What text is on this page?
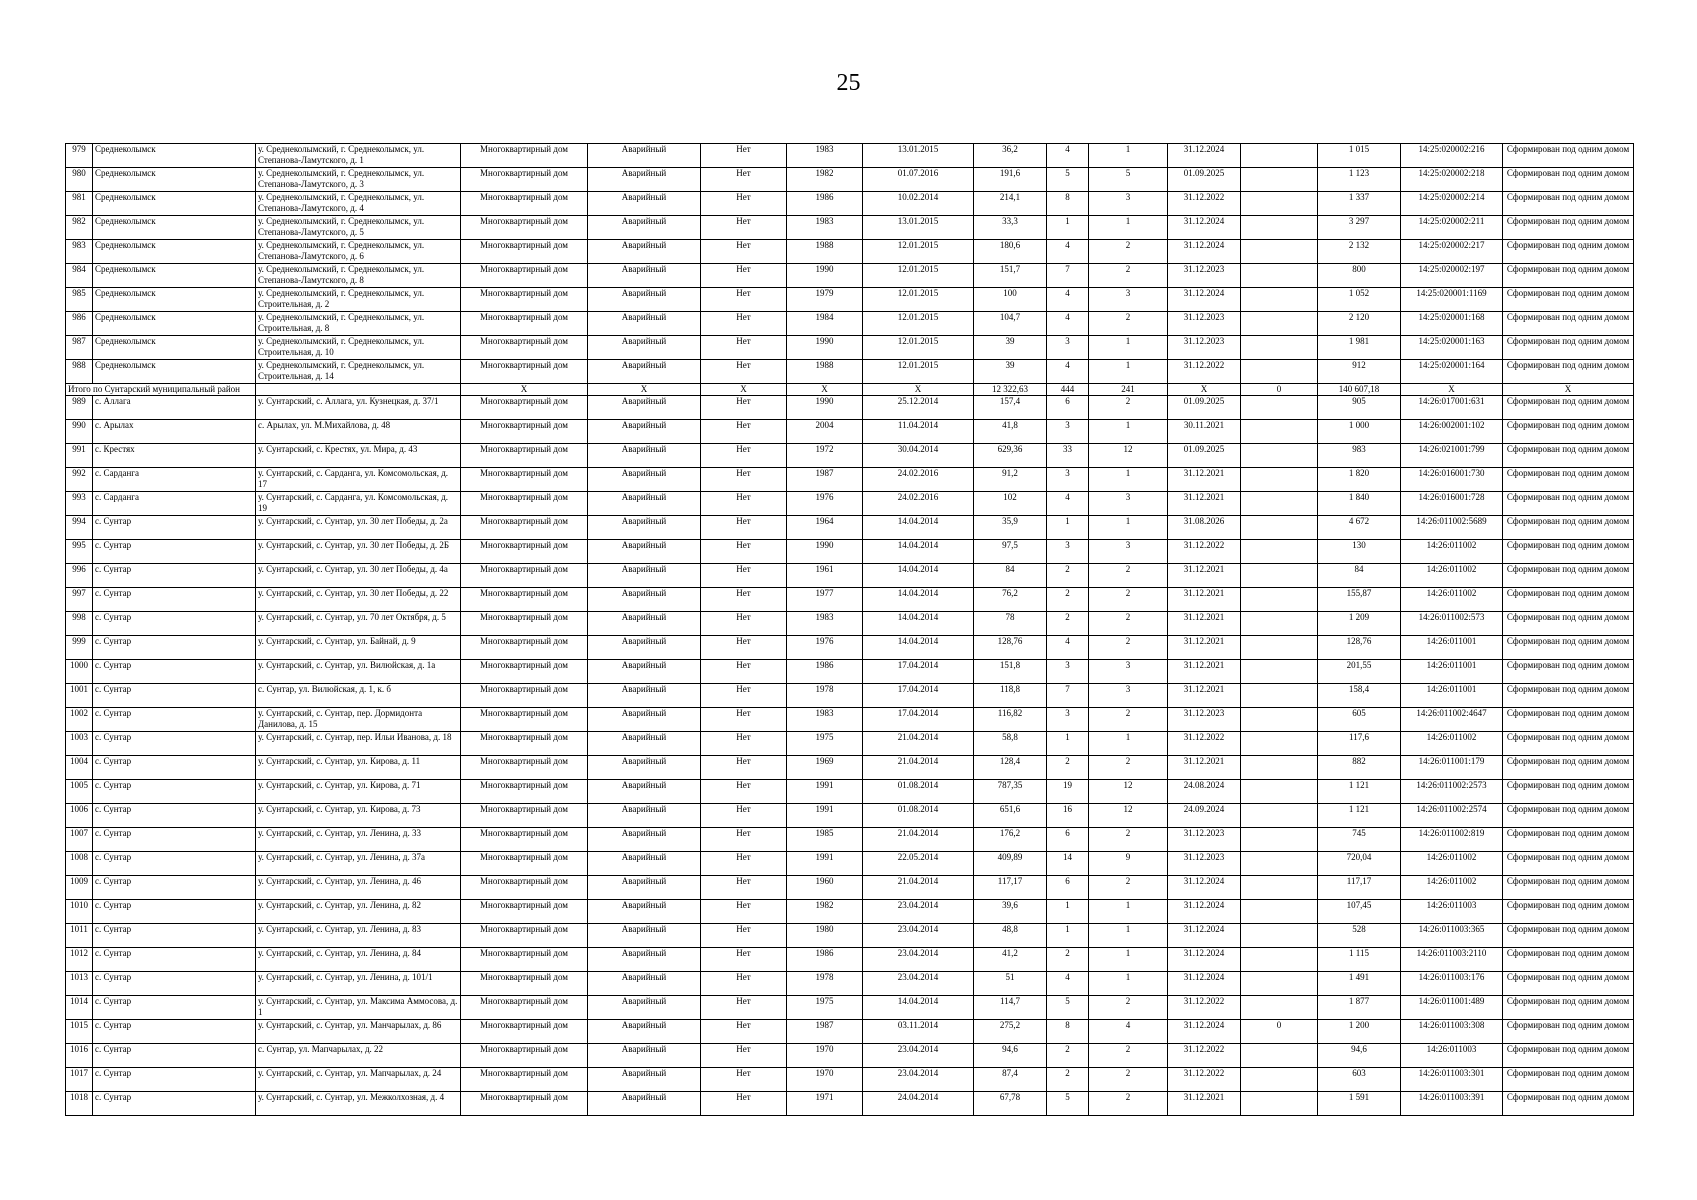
25
979	Среднеколымск	у. Среднеколымский, г. Среднеколымск, ул. Степанова-Ламутского, д. 1	Многоквартирный дом	Аварийный	Нет	1983	13.01.2015	36,2	4	1	31.12.2024		1 015	14:25:020002:216	Сформирован под одним домом
980	Среднеколымск	у. Среднеколымский, г. Среднеколымск, ул. Степанова-Ламутского, д. 3	Многоквартирный дом	Аварийный	Нет	1982	01.07.2016	191,6	5	5	01.09.2025		1 123	14:25:020002:218	Сформирован под одним домом
981	Среднеколымск	у. Среднеколымский, г. Среднеколымск, ул. Степанова-Ламутского, д. 4	Многоквартирный дом	Аварийный	Нет	1986	10.02.2014	214,1	8	3	31.12.2022		1 337	14:25:020002:214	Сформирован под одним домом
982	Среднеколымск	у. Среднеколымский, г. Среднеколымск, ул. Степанова-Ламутского, д. 5	Многоквартирный дом	Аварийный	Нет	1983	13.01.2015	33,3	1	1	31.12.2024		3 297	14:25:020002:211	Сформирован под одним домом
983	Среднеколымск	у. Среднеколымский, г. Среднеколымск, ул. Степанова-Ламутского, д. 6	Многоквартирный дом	Аварийный	Нет	1988	12.01.2015	180,6	4	2	31.12.2024		2 132	14:25:020002:217	Сформирован под одним домом
984	Среднеколымск	у. Среднеколымский, г. Среднеколымск, ул. Степанова-Ламутского, д. 8	Многоквартирный дом	Аварийный	Нет	1990	12.01.2015	151,7	7	2	31.12.2023		800	14:25:020002:197	Сформирован под одним домом
985	Среднеколымск	у. Среднеколымский, г. Среднеколымск, ул. Строительная, д. 2	Многоквартирный дом	Аварийный	Нет	1979	12.01.2015	100	4	3	31.12.2024		1 052	14:25:020001:1169	Сформирован под одним домом
986	Среднеколымск	у. Среднеколымский, г. Среднеколымск, ул. Строительная, д. 8	Многоквартирный дом	Аварийный	Нет	1984	12.01.2015	104,7	4	2	31.12.2023		2 120	14:25:020001:168	Сформирован под одним домом
987	Среднеколымск	у. Среднеколымский, г. Среднеколымск, ул. Строительная, д. 10	Многоквартирный дом	Аварийный	Нет	1990	12.01.2015	39	3	1	31.12.2023		1 981	14:25:020001:163	Сформирован под одним домом
988	Среднеколымск	у. Среднеколымский, г. Среднеколымск, ул. Строительная, д. 14	Многоквартирный дом	Аварийный	Нет	1988	12.01.2015	39	4	1	31.12.2022		912	14:25:020001:164	Сформирован под одним домом
Итого по Сунтарский муниципальный район			X	X	X	X	X	12 322,63	444	241	X	0	140 607,18	X	X
989	с. Аллага	у. Сунтарский, с. Аллага, ул. Кузнецкая, д. 37/1	Многоквартирный дом	Аварийный	Нет	1990	25.12.2014	157,4	6	2	01.09.2025		905	14:26:017001:631	Сформирован под одним домом
990	с. Арылах	с. Арылах, ул. М.Михайлова, д. 48	Многоквартирный дом	Аварийный	Нет	2004	11.04.2014	41,8	3	1	30.11.2021		1 000	14:26:002001:102	Сформирован под одним домом
991	с. Крестях	у. Сунтарский, с. Крестях, ул. Мира, д. 43	Многоквартирный дом	Аварийный	Нет	1972	30.04.2014	629,36	33	12	01.09.2025		983	14:26:021001:799	Сформирован под одним домом
992	с. Сарданга	у. Сунтарский, с. Сарданга, ул. Комсомольская, д. 17	Многоквартирный дом	Аварийный	Нет	1987	24.02.2016	91,2	3	1	31.12.2021		1 820	14:26:016001:730	Сформирован под одним домом
993	с. Сарданга	у. Сунтарский, с. Сарданга, ул. Комсомольская, д. 19	Многоквартирный дом	Аварийный	Нет	1976	24.02.2016	102	4	3	31.12.2021		1 840	14:26:016001:728	Сформирован под одним домом
994	с. Сунтар	у. Сунтарский, с. Сунтар, ул. 30 лет Победы, д. 2а	Многоквартирный дом	Аварийный	Нет	1964	14.04.2014	35,9	1	1	31.08.2026		4 672	14:26:011002:5689	Сформирован под одним домом
995	с. Сунтар	у. Сунтарский, с. Сунтар, ул. 30 лет Победы, д. 2Б	Многоквартирный дом	Аварийный	Нет	1990	14.04.2014	97,5	3	3	31.12.2022		130	14:26:011002	Сформирован под одним домом
996	с. Сунтар	у. Сунтарский, с. Сунтар, ул. 30 лет Победы, д. 4а	Многоквартирный дом	Аварийный	Нет	1961	14.04.2014	84	2	2	31.12.2021		84	14:26:011002	Сформирован под одним домом
997	с. Сунтар	у. Сунтарский, с. Сунтар, ул. 30 лет Победы, д. 22	Многоквартирный дом	Аварийный	Нет	1977	14.04.2014	76,2	2	2	31.12.2021		155,87	14:26:011002	Сформирован под одним домом
998	с. Сунтар	у. Сунтарский, с. Сунтар, ул. 70 лет Октября, д. 5	Многоквартирный дом	Аварийный	Нет	1983	14.04.2014	78	2	2	31.12.2021		1 209	14:26:011002:573	Сформирован под одним домом
999	с. Сунтар	у. Сунтарский, с. Сунтар, ул. Байнай, д. 9	Многоквартирный дом	Аварийный	Нет	1976	14.04.2014	128,76	4	2	31.12.2021		128,76	14:26:011001	Сформирован под одним домом
1000	с. Сунтар	у. Сунтарский, с. Сунтар, ул. Вилюйская, д. 1а	Многоквартирный дом	Аварийный	Нет	1986	17.04.2014	151,8	3	3	31.12.2021		201,55	14:26:011001	Сформирован под одним домом
1001	с. Сунтар	с. Сунтар, ул. Вилюйская, д. 1, к. б	Многоквартирный дом	Аварийный	Нет	1978	17.04.2014	118,8	7	3	31.12.2021		158,4	14:26:011001	Сформирован под одним домом
1002	с. Сунтар	у. Сунтарский, с. Сунтар, пер. Дормидонта Данилова, д. 15	Многоквартирный дом	Аварийный	Нет	1983	17.04.2014	116,82	3	2	31.12.2023		605	14:26:011002:4647	Сформирован под одним домом
1003	с. Сунтар	у. Сунтарский, с. Сунтар, пер. Ильи Иванова, д. 18	Многоквартирный дом	Аварийный	Нет	1975	21.04.2014	58,8	1	1	31.12.2022		117,6	14:26:011002	Сформирован под одним домом
1004	с. Сунтар	у. Сунтарский, с. Сунтар, ул. Кирова, д. 11	Многоквартирный дом	Аварийный	Нет	1969	21.04.2014	128,4	2	2	31.12.2021		882	14:26:011001:179	Сформирован под одним домом
1005	с. Сунтар	у. Сунтарский, с. Сунтар, ул. Кирова, д. 71	Многоквартирный дом	Аварийный	Нет	1991	01.08.2014	787,35	19	12	24.08.2024		1 121	14:26:011002:2573	Сформирован под одним домом
1006	с. Сунтар	у. Сунтарский, с. Сунтар, ул. Кирова, д. 73	Многоквартирный дом	Аварийный	Нет	1991	01.08.2014	651,6	16	12	24.09.2024		1 121	14:26:011002:2574	Сформирован под одним домом
1007	с. Сунтар	у. Сунтарский, с. Сунтар, ул. Ленина, д. 33	Многоквартирный дом	Аварийный	Нет	1985	21.04.2014	176,2	6	2	31.12.2023		745	14:26:011002:819	Сформирован под одним домом
1008	с. Сунтар	у. Сунтарский, с. Сунтар, ул. Ленина, д. 37а	Многоквартирный дом	Аварийный	Нет	1991	22.05.2014	409,89	14	9	31.12.2023		720,04	14:26:011002	Сформирован под одним домом
1009	с. Сунтар	у. Сунтарский, с. Сунтар, ул. Ленина, д. 46	Многоквартирный дом	Аварийный	Нет	1960	21.04.2014	117,17	6	2	31.12.2024		117,17	14:26:011002	Сформирован под одним домом
1010	с. Сунтар	у. Сунтарский, с. Сунтар, ул. Ленина, д. 82	Многоквартирный дом	Аварийный	Нет	1982	23.04.2014	39,6	1	1	31.12.2024		107,45	14:26:011003	Сформирован под одним домом
1011	с. Сунтар	у. Сунтарский, с. Сунтар, ул. Ленина, д. 83	Многоквартирный дом	Аварийный	Нет	1980	23.04.2014	48,8	1	1	31.12.2024		528	14:26:011003:365	Сформирован под одним домом
1012	с. Сунтар	у. Сунтарский, с. Сунтар, ул. Ленина, д. 84	Многоквартирный дом	Аварийный	Нет	1986	23.04.2014	41,2	2	1	31.12.2024		1 115	14:26:011003:2110	Сформирован под одним домом
1013	с. Сунтар	у. Сунтарский, с. Сунтар, ул. Ленина, д. 101/1	Многоквартирный дом	Аварийный	Нет	1978	23.04.2014	51	4	1	31.12.2024		1 491	14:26:011003:176	Сформирован под одним домом
1014	с. Сунтар	у. Сунтарский, с. Сунтар, ул. Максима Аммосова, д. 1	Многоквартирный дом	Аварийный	Нет	1975	14.04.2014	114,7	5	2	31.12.2022		1 877	14:26:011001:489	Сформирован под одним домом
1015	с. Сунтар	у. Сунтарский, с. Сунтар, ул. Манчарылах, д. 86	Многоквартирный дом	Аварийный	Нет	1987	03.11.2014	275,2	8	4	31.12.2024	0	1 200	14:26:011003:308	Сформирован под одним домом
1016	с. Сунтар	с. Сунтар, ул. Мапчарылах, д. 22	Многоквартирный дом	Аварийный	Нет	1970	23.04.2014	94,6	2	2	31.12.2022		94,6	14:26:011003	Сформирован под одним домом
1017	с. Сунтар	у. Сунтарский, с. Сунтар, ул. Мапчарылах, д. 24	Многоквартирный дом	Аварийный	Нет	1970	23.04.2014	87,4	2	2	31.12.2022		603	14:26:011003:301	Сформирован под одним домом
1018	с. Сунтар	у. Сунтарский, с. Сунтар, ул. Межколхозная, д. 4	Многоквартирный дом	Аварийный	Нет	1971	24.04.2014	67,78	5	2	31.12.2021		1 591	14:26:011003:391	Сформирован под одним домом
